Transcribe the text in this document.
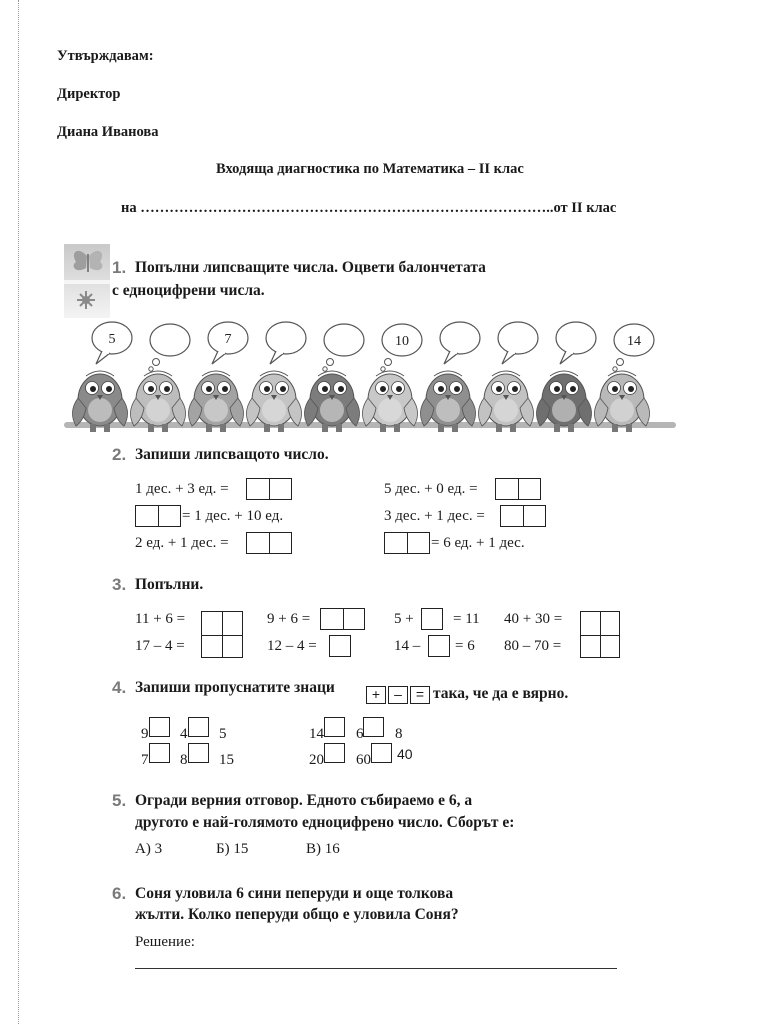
Утвърждавам:
Директор
Диана Иванова
Входяща диагностика по Математика – II клас
на …………………………………………………………………………..от II клас
1. Попълни липсващите числа. Оцвети балончетата
с едноцифрени числа.
5	7	10	14
2. Запиши липсващото число.
1 дес. + 3 ед. =	5 дес. + 0 ед. =
= 1 дес. + 10 ед.	3 дес. + 1 дес. =
2 ед. + 1 дес. =	= 6 ед. + 1 дес.
3. Попълни.
11 + 6 =	9 + 6 =	5 +	= 11 40 + 30 =
17 – 4 =	12 – 4 =	14 – = 6 80 – 70 =
4. Запиши пропуснатите знаци	+	–	= така, че да е вярно.
9 4 5	14 6 8
7 8 15	20 60 40
5. Огради верния отговор. Едното събираемо е 6, а
другото е най-голямото едноцифрено число. Сборът е:
А) 3	Б) 15	В) 16
6. Соня уловила 6 сини пеперуди и още толкова
жълти. Колко пеперуди общо е уловила Соня?
Решение:
